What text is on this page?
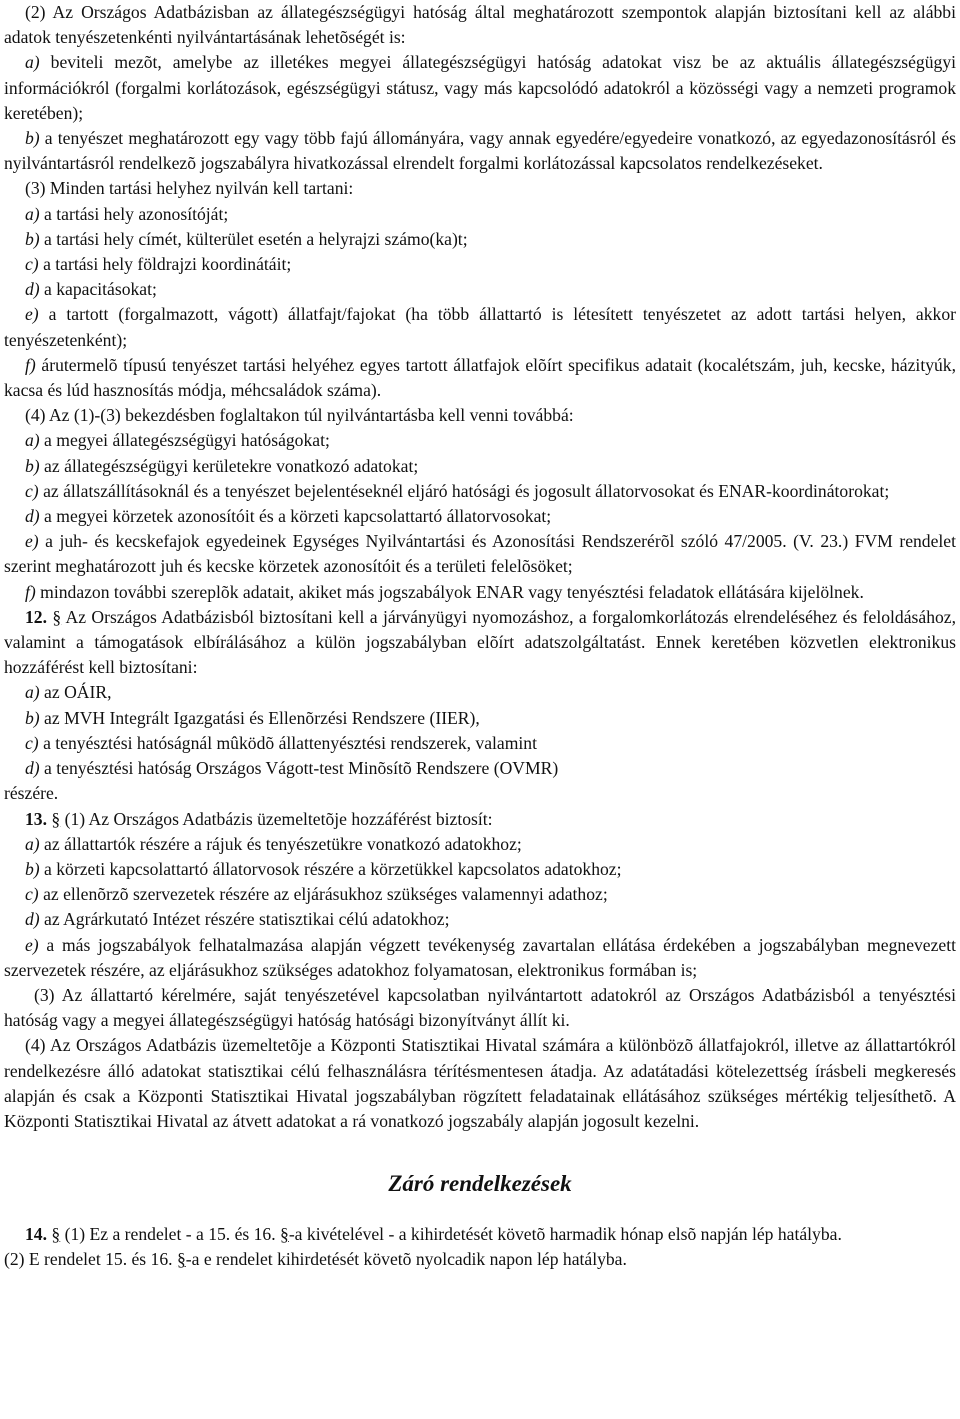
(2) Az Országos Adatbázisban az állategészségügyi hatóság által meghatározott szempontok alapján biztosítani kell az alábbi adatok tenyészetenkénti nyilvántartásának lehetõségét is:

a) beviteli mezõt, amelybe az illetékes megyei állategészségügyi hatóság adatokat visz be az aktuális állategészségügyi információkról (forgalmi korlátozások, egészségügyi státusz, vagy más kapcsolódó adatokról a közösségi vagy a nemzeti programok keretében);

b) a tenyészet meghatározott egy vagy több fajú állományára, vagy annak egyedére/egyedeire vonatkozó, az egyedazonosításról és nyilvántartásról rendelkezõ jogszabályra hivatkozással elrendelt forgalmi korlátozással kapcsolatos rendelkezéseket.

(3) Minden tartási helyhez nyilván kell tartani:

a) a tartási hely azonosítóját;

b) a tartási hely címét, külterület esetén a helyrajzi számo(ka)t;

c) a tartási hely földrajzi koordinátáit;

d) a kapacitásokat;

e) a tartott (forgalmazott, vágott) állatfajt/fajokat (ha több állattartó is létesített tenyészetet az adott tartási helyen, akkor tenyészetenként);

f) árutermelõ típusú tenyészet tartási helyéhez egyes tartott állatfajok elõírt specifikus adatait (kocalétszám, juh, kecske, házityúk, kacsa és lúd hasznosítás módja, méhcsaládok száma).

(4) Az (1)-(3) bekezdésben foglaltakon túl nyilvántartásba kell venni továbbá:

a) a megyei állategészségügyi hatóságokat;

b) az állategészségügyi kerületekre vonatkozó adatokat;

c) az állatszállításoknál és a tenyészet bejelentéseknél eljáró hatósági és jogosult állatorvosokat és ENAR-koordinátorokat;

d) a megyei körzetek azonosítóit és a körzeti kapcsolattartó állatorvosokat;

e) a juh- és kecskefajok egyedeinek Egységes Nyilvántartási és Azonosítási Rendszerérõl szóló 47/2005. (V. 23.) FVM rendelet szerint meghatározott juh és kecske körzetek azonosítóit és a területi felelõsöket;

f) mindazon további szereplõk adatait, akiket más jogszabályok ENAR vagy tenyésztési feladatok ellátására kijelölnek.

12. § Az Országos Adatbázisból biztosítani kell a járványügyi nyomozáshoz, a forgalomkorlátozás elrendeléséhez és feloldásához, valamint a támogatások elbírálásához a külön jogszabályban elõírt adatszolgáltatást. Ennek keretében közvetlen elektronikus hozzáférést kell biztosítani:

a) az OÁIR,

b) az MVH Integrált Igazgatási és Ellenõrzési Rendszere (IIER),

c) a tenyésztési hatóságnál mûködõ állattenyésztési rendszerek, valamint

d) a tenyésztési hatóság Országos Vágott-test Minõsítõ Rendszere (OVMR)

részére.

13. § (1) Az Országos Adatbázis üzemeltetõje hozzáférést biztosít:

a) az állattartók részére a rájuk és tenyészetükre vonatkozó adatokhoz;

b) a körzeti kapcsolattartó állatorvosok részére a körzetükkel kapcsolatos adatokhoz;

c) az ellenõrzõ szervezetek részére az eljárásukhoz szükséges valamennyi adathoz;

d) az Agrárkutató Intézet részére statisztikai célú adatokhoz;

e) a más jogszabályok felhatalmazása alapján végzett tevékenység zavartalan ellátása érdekében a jogszabályban megnevezett szervezetek részére, az eljárásukhoz szükséges adatokhoz folyamatosan, elektronikus formában is;

(3) Az állattartó kérelmére, saját tenyészetével kapcsolatban nyilvántartott adatokról az Országos Adatbázisból a tenyésztési hatóság vagy a megyei állategészségügyi hatóság hatósági bizonyítványt állít ki.

(4) Az Országos Adatbázis üzemeltetõje a Központi Statisztikai Hivatal számára a különbözõ állatfajokról, illetve az állattartókról rendelkezésre álló adatokat statisztikai célú felhasználásra térítésmentesen átadja. Az adatátadási kötelezettség írásbeli megkeresés alapján és csak a Központi Statisztikai Hivatal jogszabályban rögzített feladatainak ellátásához szükséges mértékig teljesíthetõ. A Központi Statisztikai Hivatal az átvett adatokat a rá vonatkozó jogszabály alapján jogosult kezelni.

Záró rendelkezések

14. § (1) Ez a rendelet - a 15. és 16. §-a kivételével - a kihirdetését követõ harmadik hónap elsõ napján lép hatályba.

(2) E rendelet 15. és 16. §-a e rendelet kihirdetését követõ nyolcadik napon lép hatályba.
